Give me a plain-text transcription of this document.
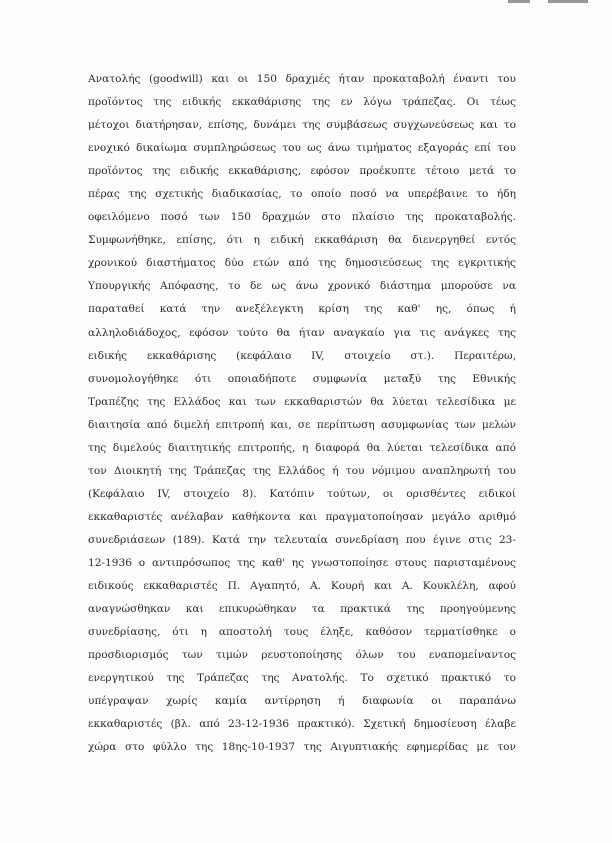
Ανατολής (goodwill) και οι 150 δραχμές ήταν προκαταβολή έναντι του
προϊόντος της ειδικής εκκαθάρισης της εν λόγω τράπεζας. Οι τέως
μέτοχοι διατήρησαν, επίσης, δυνάμει της συμβάσεως συγχωνεύσεως και το
ενοχικό δικαίωμα συμπληρώσεως του ως άνω τιμήματος εξαγοράς επί του
προϊόντος της ειδικής εκκαθάρισης, εφόσον προέκυπτε τέτοιο μετά το
πέρας της σχετικής διαδικασίας, το οποίο ποσό να υπερέβαινε το ήδη
οφειλόμενο ποσό των 150 δραχμών στο πλαίσιο της προκαταβολής.
Συμφωνήθηκε, επίσης, ότι η ειδική εκκαθάριση θα διενεργηθεί εντός
χρονικού διαστήματος δύο ετών από της δημοσιεύσεως της εγκριτικής
Υπουργικής Απόφασης, το δε ως άνω χρονικό διάστημα μπορούσε να
παραταθεί κατά την ανεξέλεγκτη κρίση της καθ' ης, όπως ή
αλληλοδιάδοχος, εφόσον τούτο θα ήταν αναγκαίο για τις ανάγκες της
ειδικής εκκαθάρισης (κεφάλαιο IV, στοιχείο στ.). Περαιτέρω,
συνομολογήθηκε ότι οποιαδήποτε συμφωνία μεταξύ της Εθνικής
Τραπέζης της Ελλάδος και των εκκαθαριστών θα λύεται τελεσίδικα με
διαιτησία από διμελή επιτροπή και, σε περίπτωση ασυμφωνίας των μελών
της διμελούς διαιτητικής επιτροπής, η διαφορά θα λύεται τελεσίδικα από
τον Διοικητή της Τράπεζας της Ελλάδος ή του νόμιμου αναπληρωτή του
(Κεφάλαιο IV, στοιχείο 8). Κατόπιν τούτων, οι ορισθέντες ειδικοί
εκκαθαριστές ανέλαβαν καθήκοντα και πραγματοποίησαν μεγάλο αριθμό
συνεδριάσεων (189). Κατά την τελευταία συνεδρίαση που έγινε στις 23-
12-1936 ο αντιπρόσωπος της καθ' ης γνωστοποίησε στους παρισταμένους
ειδικούς εκκαθαριστές Π. Αγαπητό, Α. Κουρή και Α. Κουκλέλη, αφού
αναγνώσθηκαν και επικυρώθηκαν τα πρακτικά της προηγούμενης
συνεδρίασης, ότι η αποστολή τους έληξε, καθόσον τερματίσθηκε ο
προσδιορισμός των τιμών ρευστοποίησης όλων του εναπομείναντος
ενεργητικού της Τράπεζας της Ανατολής. Το σχετικό πρακτικό το
υπέγραψαν χωρίς καμία αντίρρηση ή διαφωνία οι παραπάνω
εκκαθαριστές (βλ. από 23-12-1936 πρακτικό). Σχετική δημοσίευση έλαβε
χώρα στο φύλλο της 18ης-10-1937 της Αιγυπτιακής εφημερίδας με τον
